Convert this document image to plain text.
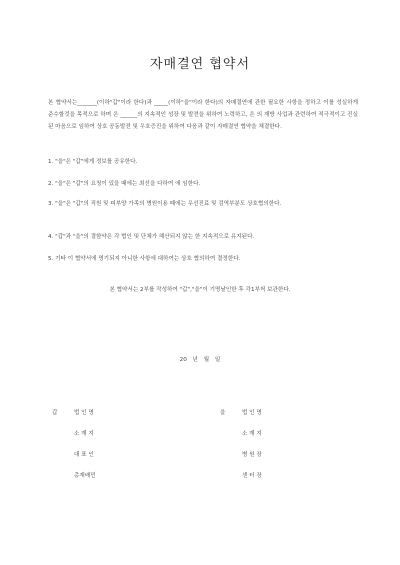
자매결연 협약서
본 협약서는_______(이하"갑"이라 한다)과 _____(이하"을"이라 한다)의 자매결연에 관한 필요한 사항을 정하고 이를 성실하게 준수할것을 목적으로 하며 은 ______의 지속적인 성장 및 발전을 위하여 노력하고, 은 의 재방 사업과 관련하여 적극적이고 진실된 마음으로 임하여 상호 공동발전 및 우호증진을 위하여 다음과 같이 자매결연 협약을 체결한다.
1. "을"은 "갑"에게 정보를 공유한다.
2. "을"은 "갑"의 요청이 있을 때에는 최선을 다하여 에 임한다.
3. "을"은 "갑"의 직원 및 피부양 가족의 병원이용 때에는 우선진료 및 검역부분도 상호협의한다.
4. "갑"과 "을"의 결함약은 각 법인 및 단체가 해산되지 않는 한 지속적으로 유지된다.
5. 기타 이 협약서에 명기되지 아니한 사항에 대하여는 상호 협의하여 결정한다.
본 협약서는 2부를 작성하여 "갑","을"이 기명날인한 후 각1부씩 보관한다.
20 년 월 일
갑	법 인 명
소 재 지
대 표 인
총재배민
을	법 인 명
소 재 지
병 원 장
센 터 장
